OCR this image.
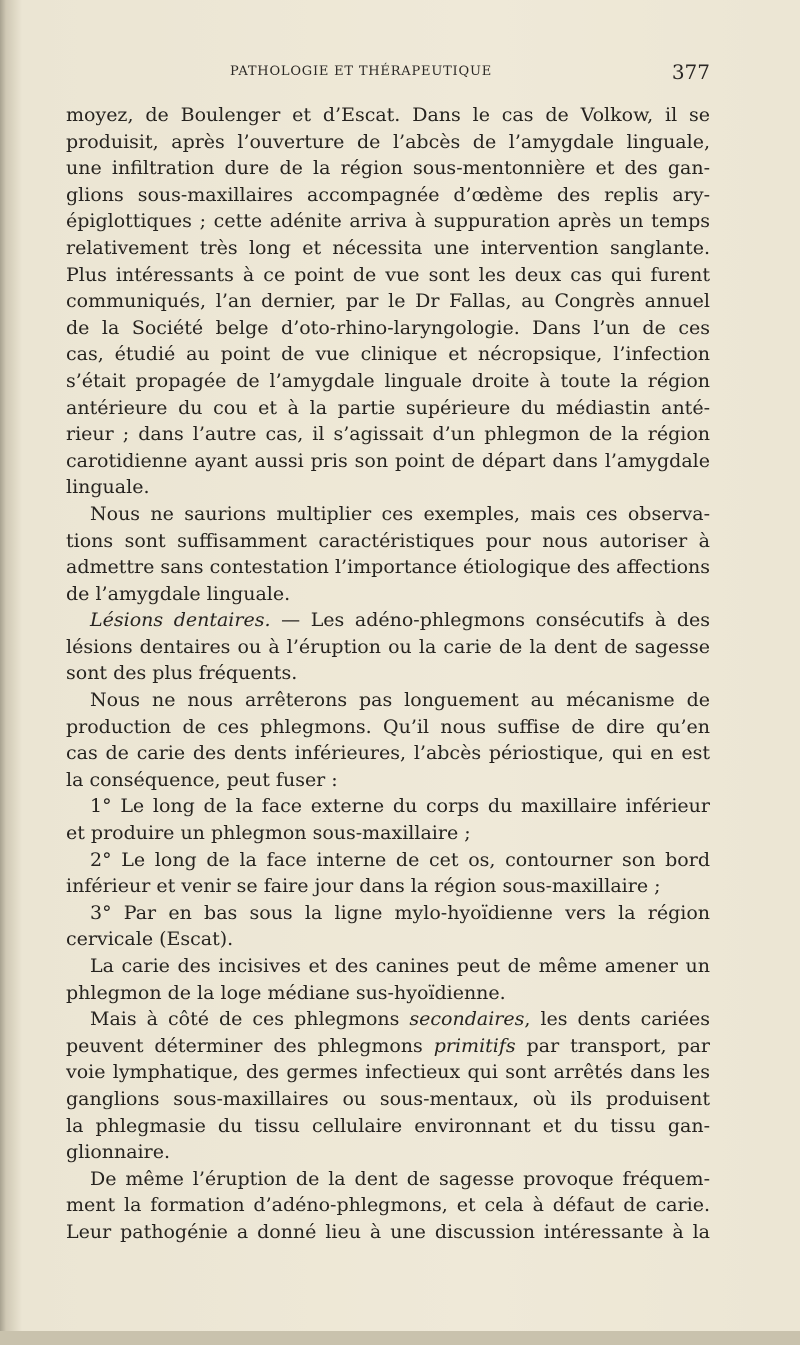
PATHOLOGIE ET THÉRAPEUTIQUE	377
moyez, de Boulenger et d’Escat. Dans le cas de Volkow, il se
produisit, après l’ouverture de l’abcès de l’amygdale linguale,
une infiltration dure de la région sous-mentonnière et des gan-
glions sous-maxillaires accompagnée d’œdème des replis ary-
épiglottiques ; cette adénite arriva à suppuration après un temps
relativement très long et nécessita une intervention sanglante.
Plus intéressants à ce point de vue sont les deux cas qui furent
communiqués, l’an dernier, par le Dr Fallas, au Congrès annuel
de la Société belge d’oto-rhino-laryngologie. Dans l’un de ces
cas, étudié au point de vue clinique et nécropsique, l’infection
s’était propagée de l’amygdale linguale droite à toute la région
antérieure du cou et à la partie supérieure du médiastin anté-
rieur ; dans l’autre cas, il s’agissait d’un phlegmon de la région
carotidienne ayant aussi pris son point de départ dans l’amygdale
linguale.
Nous ne saurions multiplier ces exemples, mais ces observa-
tions sont suffisamment caractéristiques pour nous autoriser à
admettre sans contestation l’importance étiologique des affections
de l’amygdale linguale.
Lésions dentaires. — Les adéno-phlegmons consécutifs à des
lésions dentaires ou à l’éruption ou la carie de la dent de sagesse
sont des plus fréquents.
Nous ne nous arrêterons pas longuement au mécanisme de
production de ces phlegmons. Qu’il nous suffise de dire qu’en
cas de carie des dents inférieures, l’abcès périostique, qui en est
la conséquence, peut fuser :
1° Le long de la face externe du corps du maxillaire inférieur
et produire un phlegmon sous-maxillaire ;
2° Le long de la face interne de cet os, contourner son bord
inférieur et venir se faire jour dans la région sous-maxillaire ;
3° Par en bas sous la ligne mylo-hyoïdienne vers la région
cervicale (Escat).
La carie des incisives et des canines peut de même amener un
phlegmon de la loge médiane sus-hyoïdienne.
Mais à côté de ces phlegmons secondaires, les dents cariées
peuvent déterminer des phlegmons primitifs par transport, par
voie lymphatique, des germes infectieux qui sont arrêtés dans les
ganglions sous-maxillaires ou sous-mentaux, où ils produisent
la phlegmasie du tissu cellulaire environnant et du tissu gan-
glionnaire.
De même l’éruption de la dent de sagesse provoque fréquem-
ment la formation d’adéno-phlegmons, et cela à défaut de carie.
Leur pathogénie a donné lieu à une discussion intéressante à la
